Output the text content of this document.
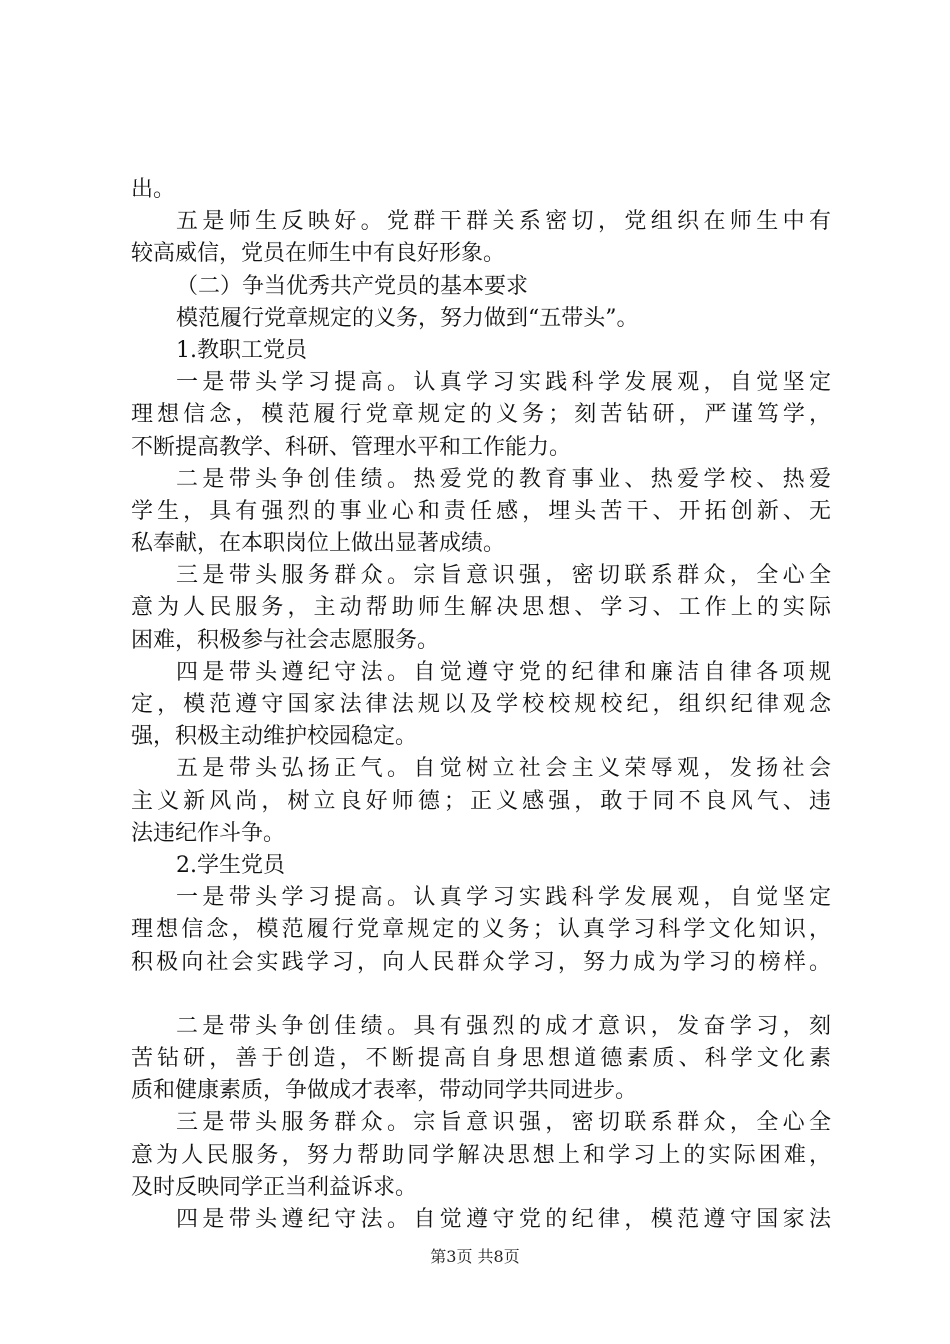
出。
五是师生反映好。党群干群关系密切，党组织在师生中有
较高威信，党员在师生中有良好形象。
（二）争当优秀共产党员的基本要求
模范履行党章规定的义务，努力做到“五带头”。
1.教职工党员
一是带头学习提高。认真学习实践科学发展观，自觉坚定
理想信念，模范履行党章规定的义务；刻苦钻研，严谨笃学，
不断提高教学、科研、管理水平和工作能力。
二是带头争创佳绩。热爱党的教育事业、热爱学校、热爱
学生，具有强烈的事业心和责任感，埋头苦干、开拓创新、无
私奉献，在本职岗位上做出显著成绩。
三是带头服务群众。宗旨意识强，密切联系群众，全心全
意为人民服务，主动帮助师生解决思想、学习、工作上的实际
困难，积极参与社会志愿服务。
四是带头遵纪守法。自觉遵守党的纪律和廉洁自律各项规
定，模范遵守国家法律法规以及学校校规校纪，组织纪律观念
强，积极主动维护校园稳定。
五是带头弘扬正气。自觉树立社会主义荣辱观，发扬社会
主义新风尚，树立良好师德；正义感强，敢于同不良风气、违
法违纪作斗争。
2.学生党员
一是带头学习提高。认真学习实践科学发展观，自觉坚定
理想信念，模范履行党章规定的义务；认真学习科学文化知识，
积极向社会实践学习，向人民群众学习，努力成为学习的榜样。
二是带头争创佳绩。具有强烈的成才意识，发奋学习，刻
苦钻研，善于创造，不断提高自身思想道德素质、科学文化素
质和健康素质，争做成才表率，带动同学共同进步。
三是带头服务群众。宗旨意识强，密切联系群众，全心全
意为人民服务，努力帮助同学解决思想上和学习上的实际困难，
及时反映同学正当利益诉求。
四是带头遵纪守法。自觉遵守党的纪律，模范遵守国家法
第3页 共8页
